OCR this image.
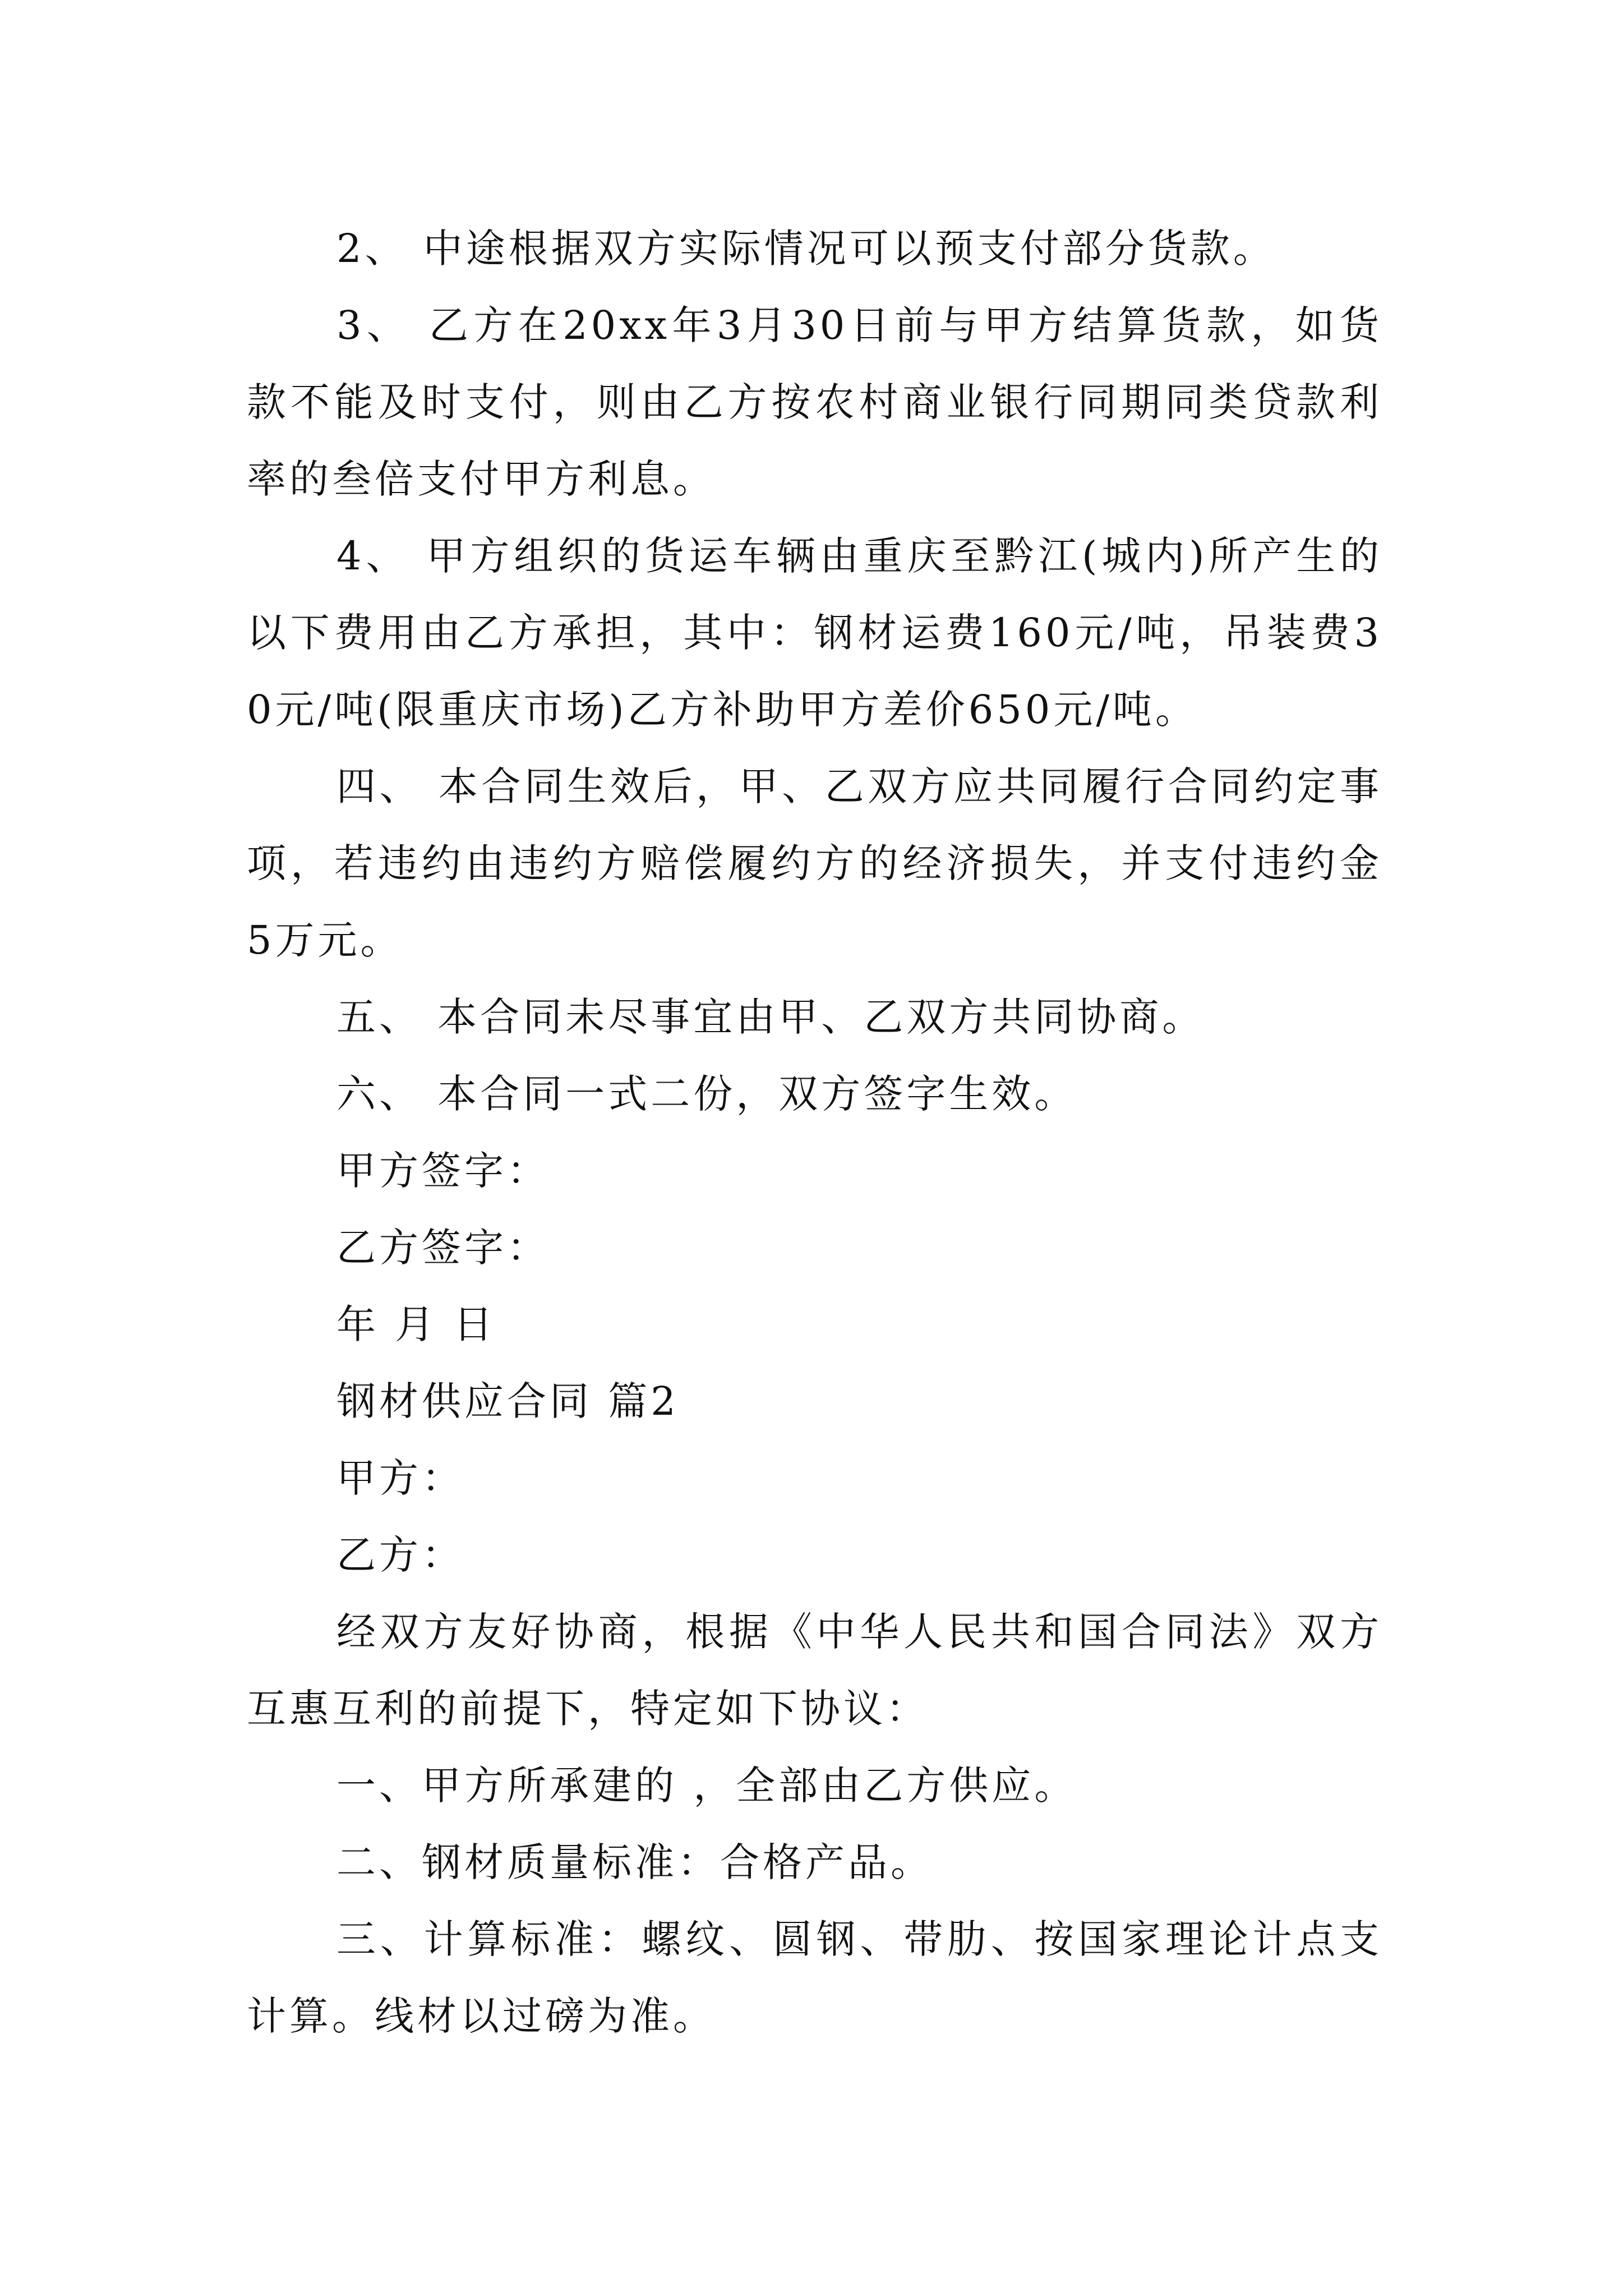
2、 中途根据双方实际情况可以预支付部分货款。

3、 乙方在20xx年3月30日前与甲方结算货款，如货款不能及时支付，则由乙方按农村商业银行同期同类贷款利率的叁倍支付甲方利息。

4、 甲方组织的货运车辆由重庆至黔江(城内)所产生的以下费用由乙方承担，其中：钢材运费160元/吨，吊装费30元/吨(限重庆市场)乙方补助甲方差价650元/吨。

四、 本合同生效后，甲、乙双方应共同履行合同约定事项，若违约由违约方赔偿履约方的经济损失，并支付违约金5万元。

五、 本合同未尽事宜由甲、乙双方共同协商。

六、 本合同一式二份，双方签字生效。

甲方签字：

乙方签字：

年 月 日

钢材供应合同 篇2

甲方：

乙方：

经双方友好协商，根据《中华人民共和国合同法》双方互惠互利的前提下，特定如下协议：

一、甲方所承建的 ，全部由乙方供应。

二、钢材质量标准：合格产品。

三、计算标准：螺纹、圆钢、带肋、按国家理论计点支计算。线材以过磅为准。
